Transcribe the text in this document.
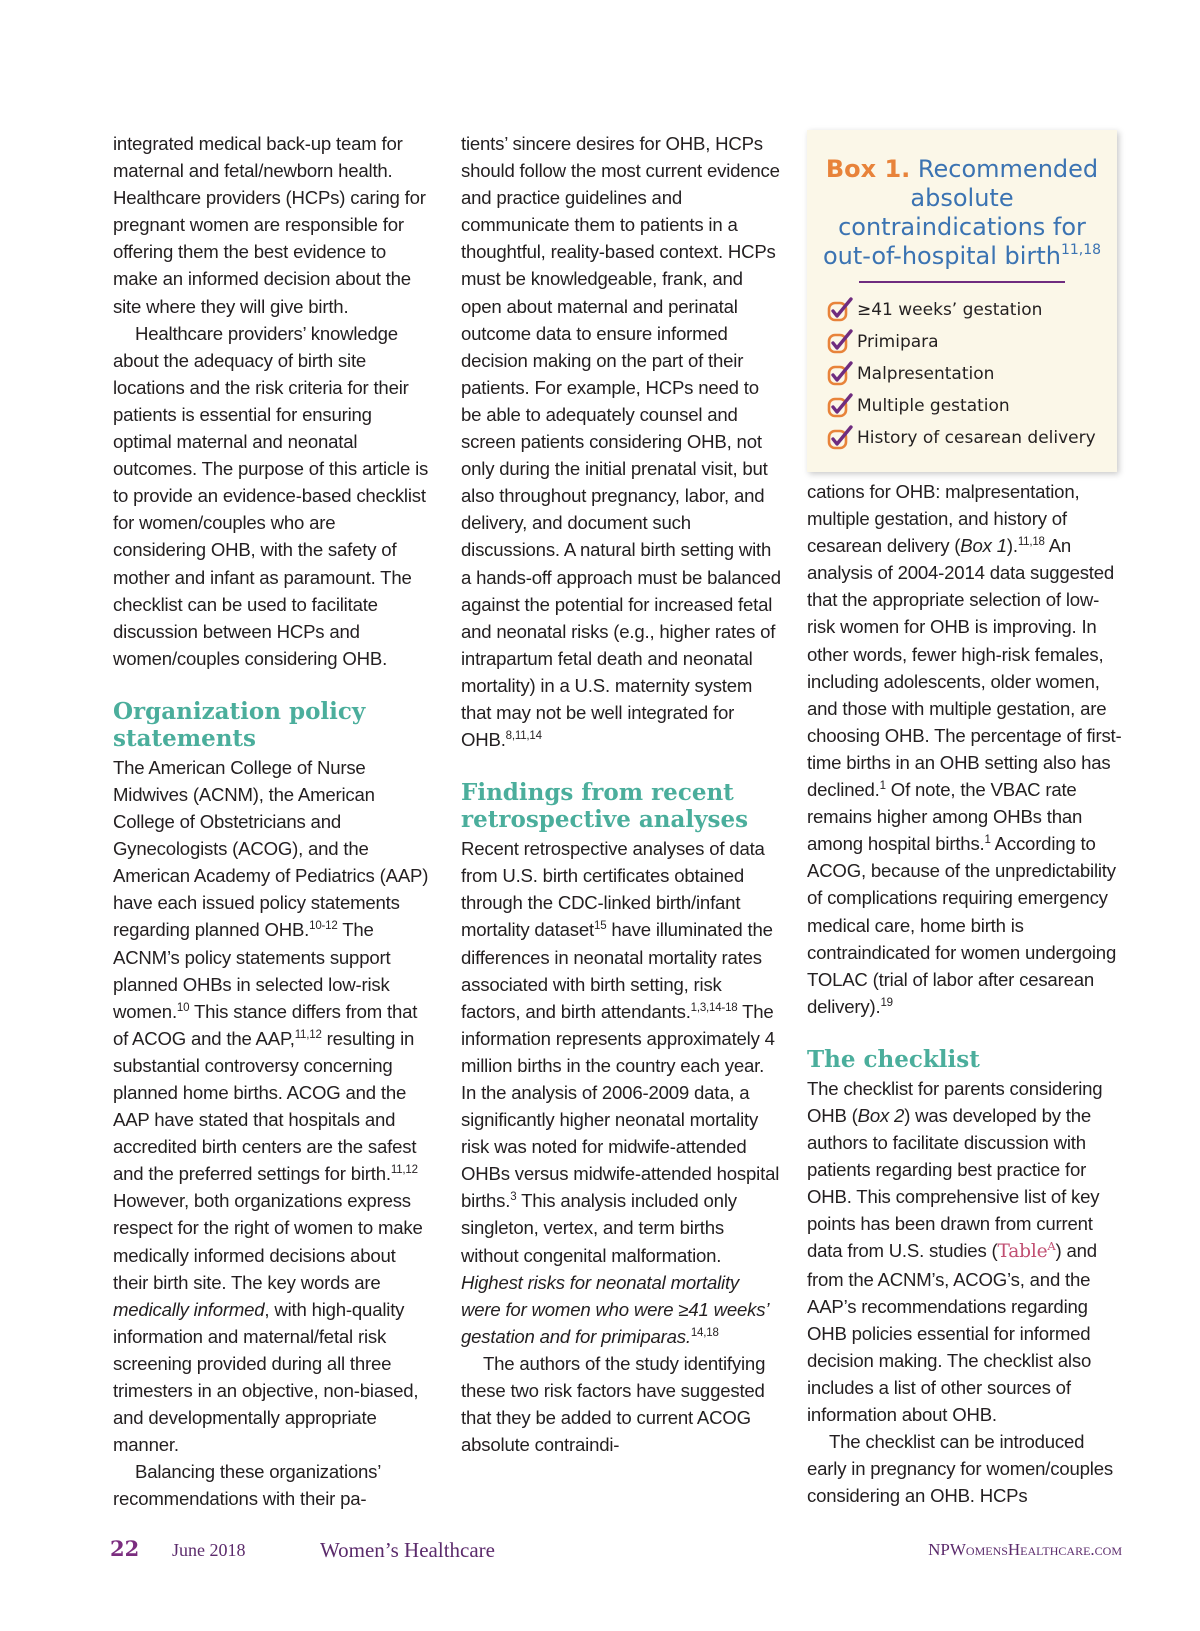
integrated medical back-up team for maternal and fetal/newborn health. Healthcare providers (HCPs) caring for pregnant women are responsible for offering them the best evidence to make an informed decision about the site where they will give birth.

Healthcare providers’ knowledge about the adequacy of birth site locations and the risk criteria for their patients is essential for ensuring optimal maternal and neonatal outcomes. The purpose of this article is to provide an evidence-based checklist for women/couples who are considering OHB, with the safety of mother and infant as paramount. The checklist can be used to facilitate discussion between HCPs and women/couples considering OHB.

Organization policy statements

The American College of Nurse Midwives (ACNM), the American College of Obstetricians and Gynecologists (ACOG), and the American Academy of Pediatrics (AAP) have each issued policy statements regarding planned OHB.$^{10-12}$ The ACNM’s policy statements support planned OHBs in selected low-risk women.$^{10}$ This stance differs from that of ACOG and the AAP,$^{11,12}$ resulting in substantial controversy concerning planned home births. ACOG and the AAP have stated that hospitals and accredited birth centers are the safest and the preferred settings for birth.$^{11,12}$ However, both organizations express respect for the right of women to make medically informed decisions about their birth site. The key words are medically informed, with high-quality information and maternal/fetal risk screening provided during all three trimesters in an objective, non-biased, and developmentally appropriate manner.

Balancing these organizations’ recommendations with their pa-

tients’ sincere desires for OHB, HCPs should follow the most current evidence and practice guidelines and communicate them to patients in a thoughtful, reality-based context. HCPs must be knowledgeable, frank, and open about maternal and perinatal outcome data to ensure informed decision making on the part of their patients. For example, HCPs need to be able to adequately counsel and screen patients considering OHB, not only during the initial prenatal visit, but also throughout pregnancy, labor, and delivery, and document such discussions. A natural birth setting with a hands-off approach must be balanced against the potential for increased fetal and neonatal risks (e.g., higher rates of intrapartum fetal death and neonatal mortality) in a U.S. maternity system that may not be well integrated for OHB.$^{8,11,14}$

Findings from recent retrospective analyses

Recent retrospective analyses of data from U.S. birth certificates obtained through the CDC-linked birth/infant mortality dataset$^{15}$ have illuminated the differences in neonatal mortality rates associated with birth setting, risk factors, and birth attendants.$^{1,3,14-18}$ The information represents approximately 4 million births in the country each year. In the analysis of 2006-2009 data, a significantly higher neonatal mortality risk was noted for midwife-attended OHBs versus midwife-attended hospital births.$^3$ This analysis included only singleton, vertex, and term births without congenital malformation. Highest risks for neonatal mortality were for women who were ≥41 weeks’ gestation and for primiparas.$^{14,18}$

The authors of the study identifying these two risk factors have suggested that they be added to current ACOG absolute contraindi-

Box 1. Recommended absolute contraindications for out-of-hospital birth$^{11,18}$
≥41 weeks’ gestation
Primipara
Malpresentation
Multiple gestation
History of cesarean delivery

cations for OHB: malpresentation, multiple gestation, and history of cesarean delivery (Box 1).$^{11,18}$ An analysis of 2004-2014 data suggested that the appropriate selection of low-risk women for OHB is improving. In other words, fewer high-risk females, including adolescents, older women, and those with multiple gestation, are choosing OHB. The percentage of first-time births in an OHB setting also has declined.$^1$ Of note, the VBAC rate remains higher among OHBs than among hospital births.$^1$ According to ACOG, because of the unpredictability of complications requiring emergency medical care, home birth is contraindicated for women undergoing TOLAC (trial of labor after cesarean delivery).$^{19}$

The checklist

The checklist for parents considering OHB (Box 2) was developed by the authors to facilitate discussion with patients regarding best practice for OHB. This comprehensive list of key points has been drawn from current data from U.S. studies (Table$^A$) and from the ACNM’s, ACOG’s, and the AAP’s recommendations regarding OHB policies essential for informed decision making. The checklist also includes a list of other sources of information about OHB.

The checklist can be introduced early in pregnancy for women/couples considering an OHB. HCPs

22 June 2018	Women’s Healthcare	NPWomensHealthcare.com
